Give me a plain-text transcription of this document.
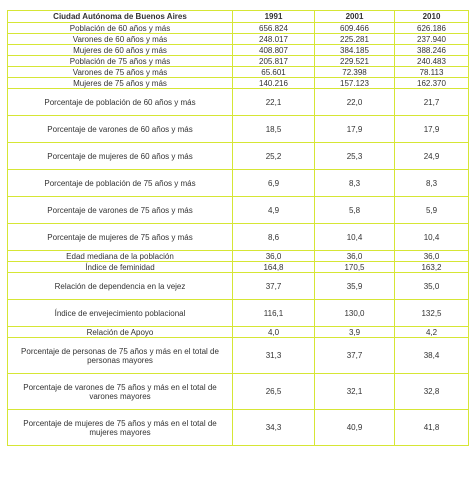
Ciudad Autónoma de Buenos Aires	1991	2001	2010
Población de 60 años y más	656.824	609.466	626.186
Varones de 60 años y más	248.017	225.281	237.940
Mujeres de 60 años y más	408.807	384.185	388.246
Población de 75 años y más	205.817	229.521	240.483
Varones de 75 años y más	65.601	72.398	78.113
Mujeres de 75 años y más	140.216	157.123	162.370
Porcentaje de población de 60 años y más	22,1	22,0	21,7
Porcentaje de varones de 60 años y más	18,5	17,9	17,9
Porcentaje de mujeres de 60 años y más	25,2	25,3	24,9
Porcentaje de población de 75 años y más	6,9	8,3	8,3
Porcentaje de varones de 75 años y más	4,9	5,8	5,9
Porcentaje de mujeres de 75 años y más	8,6	10,4	10,4
Edad mediana de la población	36,0	36,0	36,0
Índice de feminidad	164,8	170,5	163,2
Relación de dependencia en la vejez	37,7	35,9	35,0
Índice de envejecimiento poblacional	116,1	130,0	132,5
Relación de Apoyo	4,0	3,9	4,2
Porcentaje de personas de 75 años y más en el total de personas mayores	31,3	37,7	38,4
Porcentaje de varones de 75 años y más en el total de varones mayores	26,5	32,1	32,8
Porcentaje de mujeres de 75 años y más en el total de mujeres mayores	34,3	40,9	41,8
